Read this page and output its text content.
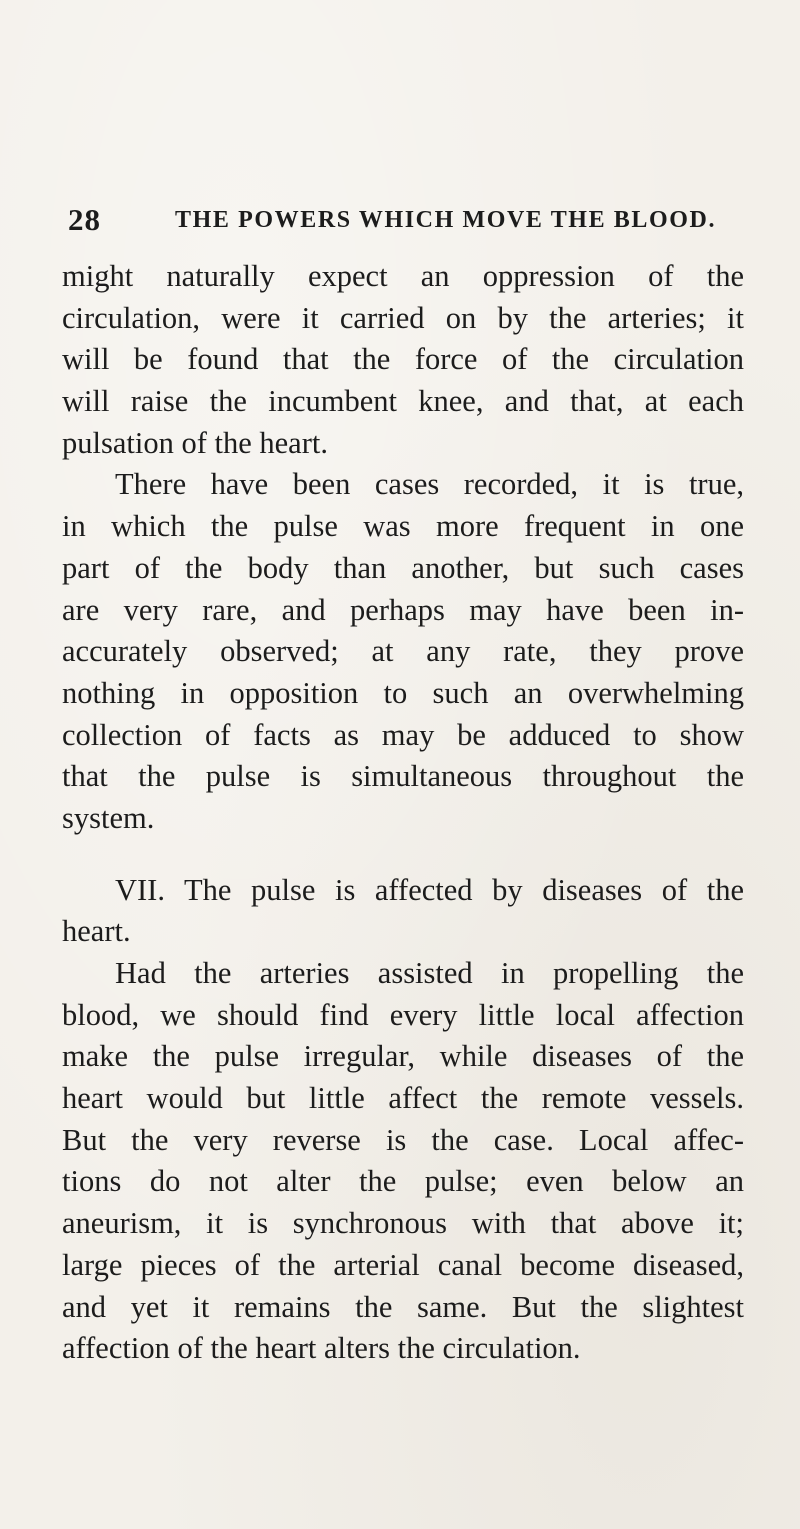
28	THE POWERS WHICH MOVE THE BLOOD.
might naturally expect an oppression of the
circulation, were it carried on by the arteries; it
will be found that the force of the circulation
will raise the incumbent knee, and that, at each
pulsation of the heart.
There have been cases recorded, it is true,
in which the pulse was more frequent in one
part of the body than another, but such cases
are very rare, and perhaps may have been in-
accurately observed; at any rate, they prove
nothing in opposition to such an overwhelming
collection of facts as may be adduced to show
that the pulse is simultaneous throughout the
system.
VII. The pulse is affected by diseases of the
heart.
Had the arteries assisted in propelling the
blood, we should find every little local affection
make the pulse irregular, while diseases of the
heart would but little affect the remote vessels.
But the very reverse is the case. Local affec-
tions do not alter the pulse; even below an
aneurism, it is synchronous with that above it;
large pieces of the arterial canal become diseased,
and yet it remains the same. But the slightest
affection of the heart alters the circulation.
